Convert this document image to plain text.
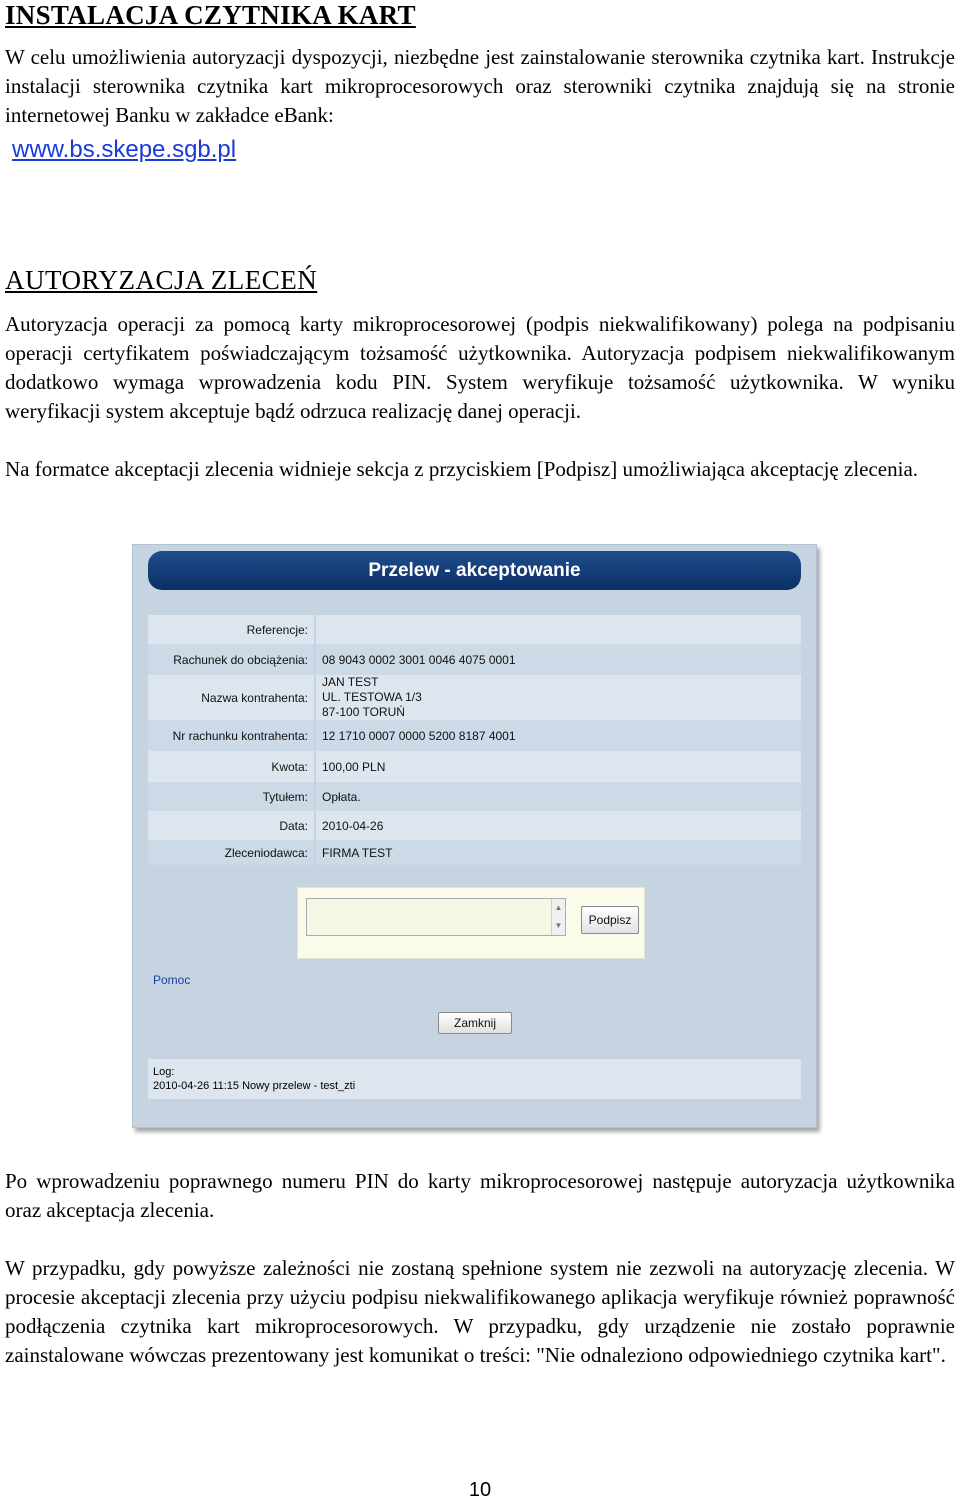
INSTALACJA CZYTNIKA KART

W celu umożliwienia autoryzacji dyspozycji, niezbędne jest zainstalowanie sterownika czytnika kart. Instrukcje instalacji sterownika czytnika kart mikroprocesorowych oraz sterowniki czytnika znajdują się na stronie internetowej Banku w zakładce eBank:

www.bs.skepe.sgb.pl
AUTORYZACJA ZLECEŃ

Autoryzacja operacji za pomocą karty mikroprocesorowej (podpis niekwalifikowany) polega na podpisaniu operacji certyfikatem poświadczającym tożsamość użytkownika. Autoryzacja podpisem niekwalifikowanym dodatkowo wymaga wprowadzenia kodu PIN. System weryfikuje tożsamość użytkownika. W wyniku weryfikacji system akceptuje bądź odrzuca realizację danej operacji.

Na formatce akceptacji zlecenia widnieje sekcja z przyciskiem [Podpisz] umożliwiająca akceptację zlecenia.

Przelew - akceptowanie
Referencje:	
Rachunek do obciążenia:	08 9043 0002 3001 0046 4075 0001
Nazwa kontrahenta:	JAN TEST
UL. TESTOWA 1/3
87-100 TORUŃ

Nr rachunku kontrahenta:	12 1710 0007 0000 5200 8187 4001
Kwota:	100,00 PLN
Tytułem:	Opłata.
Data:	2010-04-26
Zleceniodawca:	FIRMA TEST
▲
▼	Podpisz
Pomoc
Zamknij
Log:
2010-04-26 11:15 Nowy przelew - test_zti

Po wprowadzeniu poprawnego numeru PIN do karty mikroprocesorowej następuje autoryzacja użytkownika oraz akceptacja zlecenia.

W przypadku, gdy powyższe zależności nie zostaną spełnione system nie zezwoli na autoryzację zlecenia. W procesie akceptacji zlecenia przy użyciu podpisu niekwalifikowanego aplikacja weryfikuje również poprawność podłączenia czytnika kart mikroprocesorowych. W przypadku, gdy urządzenie nie zostało poprawnie zainstalowane wówczas prezentowany jest komunikat o treści: "Nie odnaleziono odpowiedniego czytnika kart".

10
